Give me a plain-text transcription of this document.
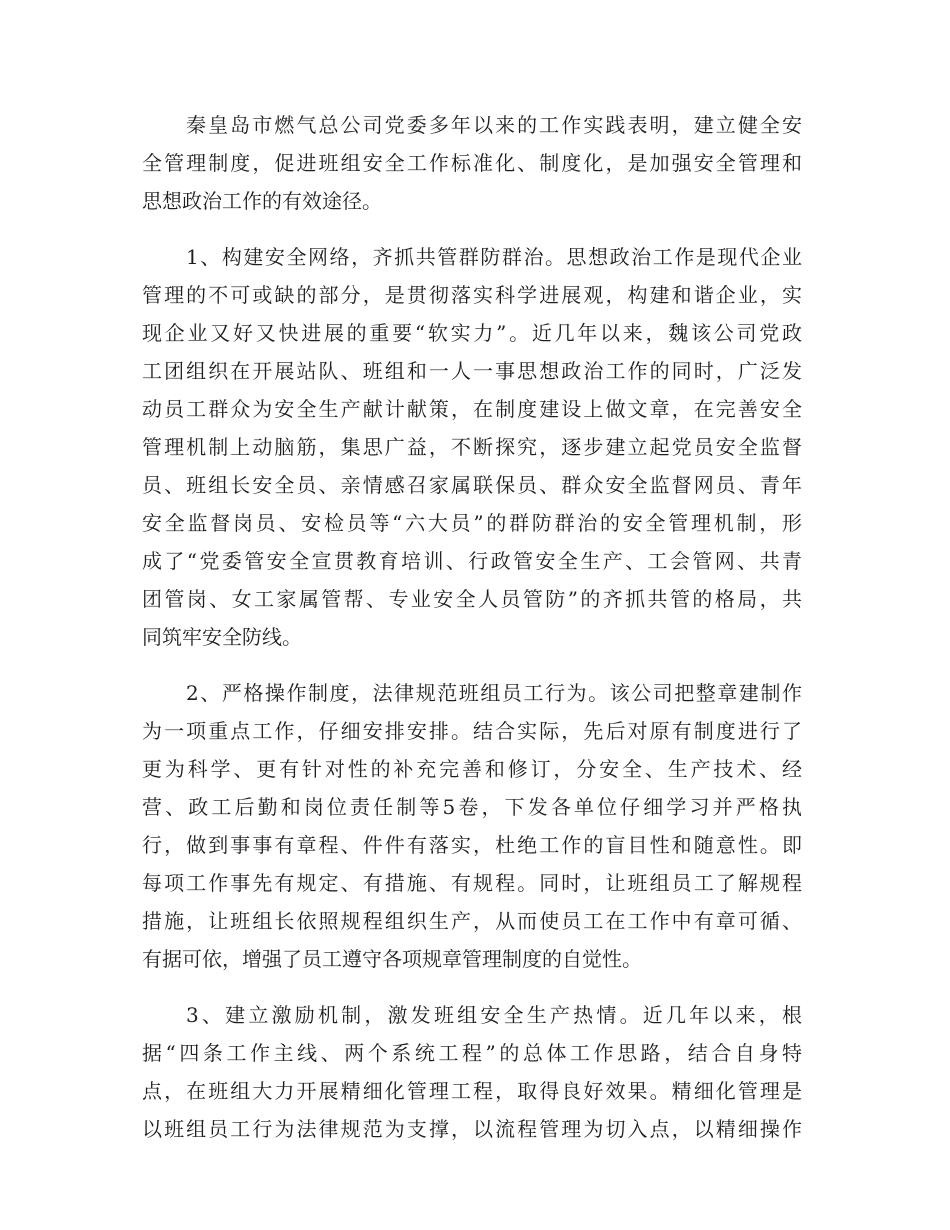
秦皇岛市燃气总公司党委多年以来的工作实践表明，建立健全安
全管理制度，促进班组安全工作标准化、制度化，是加强安全管理和
思想政治工作的有效途径。
1、构建安全网络，齐抓共管群防群治。思想政治工作是现代企业
管理的不可或缺的部分，是贯彻落实科学进展观，构建和谐企业，实
现企业又好又快进展的重要“软实力”。近几年以来，魏该公司党政
工团组织在开展站队、班组和一人一事思想政治工作的同时，广泛发
动员工群众为安全生产献计献策，在制度建设上做文章，在完善安全
管理机制上动脑筋，集思广益，不断探究，逐步建立起党员安全监督
员、班组长安全员、亲情感召家属联保员、群众安全监督网员、青年
安全监督岗员、安检员等“六大员”的群防群治的安全管理机制，形
成了“党委管安全宣贯教育培训、行政管安全生产、工会管网、共青
团管岗、女工家属管帮、专业安全人员管防”的齐抓共管的格局，共
同筑牢安全防线。
2、严格操作制度，法律规范班组员工行为。该公司把整章建制作
为一项重点工作，仔细安排安排。结合实际，先后对原有制度进行了
更为科学、更有针对性的补充完善和修订，分安全、生产技术、经
营、政工后勤和岗位责任制等5卷，下发各单位仔细学习并严格执
行，做到事事有章程、件件有落实，杜绝工作的盲目性和随意性。即
每项工作事先有规定、有措施、有规程。同时，让班组员工了解规程
措施，让班组长依照规程组织生产，从而使员工在工作中有章可循、
有据可依，增强了员工遵守各项规章管理制度的自觉性。
3、建立激励机制，激发班组安全生产热情。近几年以来，根
据“四条工作主线、两个系统工程”的总体工作思路，结合自身特
点，在班组大力开展精细化管理工程，取得良好效果。精细化管理是
以班组员工行为法律规范为支撑，以流程管理为切入点，以精细操作
